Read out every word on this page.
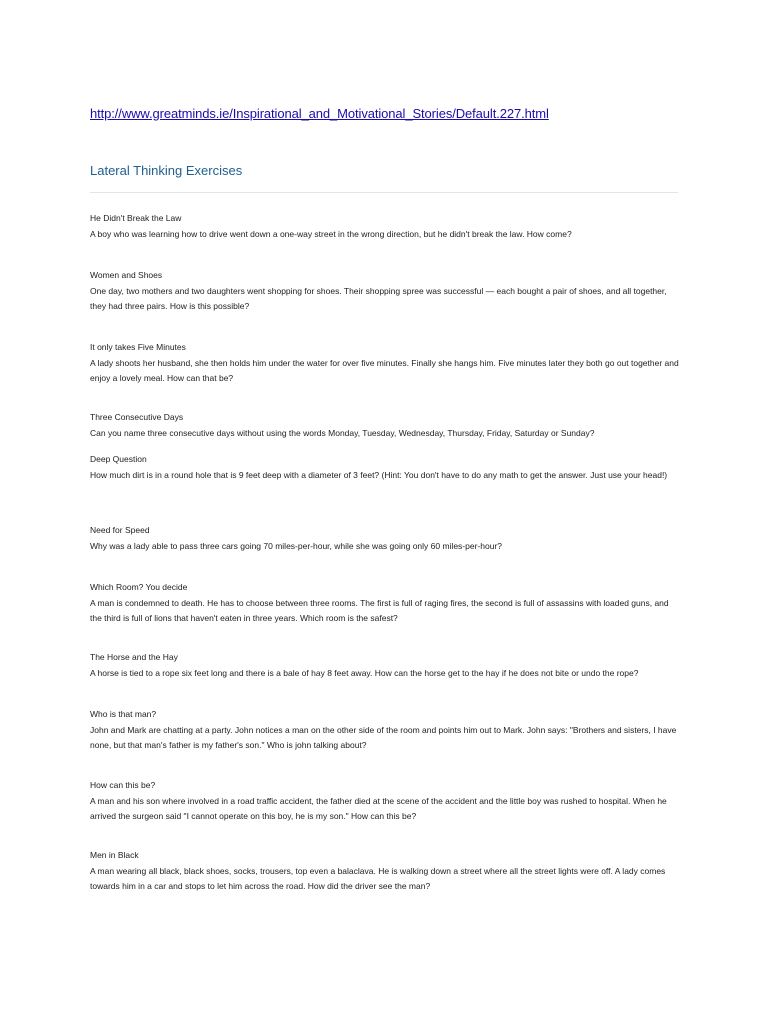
http://www.greatminds.ie/Inspirational_and_Motivational_Stories/Default.227.html
Lateral Thinking Exercises

He Didn't Break the Law

A boy who was learning how to drive went down a one-way street in the wrong direction, but he didn't break the law. How come?

Women and Shoes

One day, two mothers and two daughters went shopping for shoes. Their shopping spree was successful — each bought a pair of shoes, and all together, they had three pairs. How is this possible?

It only takes Five Minutes

A lady shoots her husband, she then holds him under the water for over five minutes. Finally she hangs him. Five minutes later they both go out together and enjoy a lovely meal. How can that be?

Three Consecutive Days

Can you name three consecutive days without using the words Monday, Tuesday, Wednesday, Thursday, Friday, Saturday or Sunday?

Deep Question

How much dirt is in a round hole that is 9 feet deep with a diameter of 3 feet? (Hint: You don't have to do any math to get the answer. Just use your head!)

Need for Speed

Why was a lady able to pass three cars going 70 miles-per-hour, while she was going only 60 miles-per-hour?

Which Room? You decide

A man is condemned to death. He has to choose between three rooms. The first is full of raging fires, the second is full of assassins with loaded guns, and the third is full of lions that haven't eaten in three years. Which room is the safest?

The Horse and the Hay

A horse is tied to a rope six feet long and there is a bale of hay 8 feet away. How can the horse get to the hay if he does not bite or undo the rope?

Who is that man?

John and Mark are chatting at a party. John notices a man on the other side of the room and points him out to Mark. John says: "Brothers and sisters, I have none, but that man's father is my father's son." Who is john talking about?

How can this be?

A man and his son where involved in a road traffic accident, the father died at the scene of the accident and the little boy was rushed to hospital. When he arrived the surgeon said "I cannot operate on this boy, he is my son." How can this be?

Men in Black

A man wearing all black, black shoes, socks, trousers, top even a balaclava. He is walking down a street where all the street lights were off. A lady comes towards him in a car and stops to let him across the road. How did the driver see the man?
